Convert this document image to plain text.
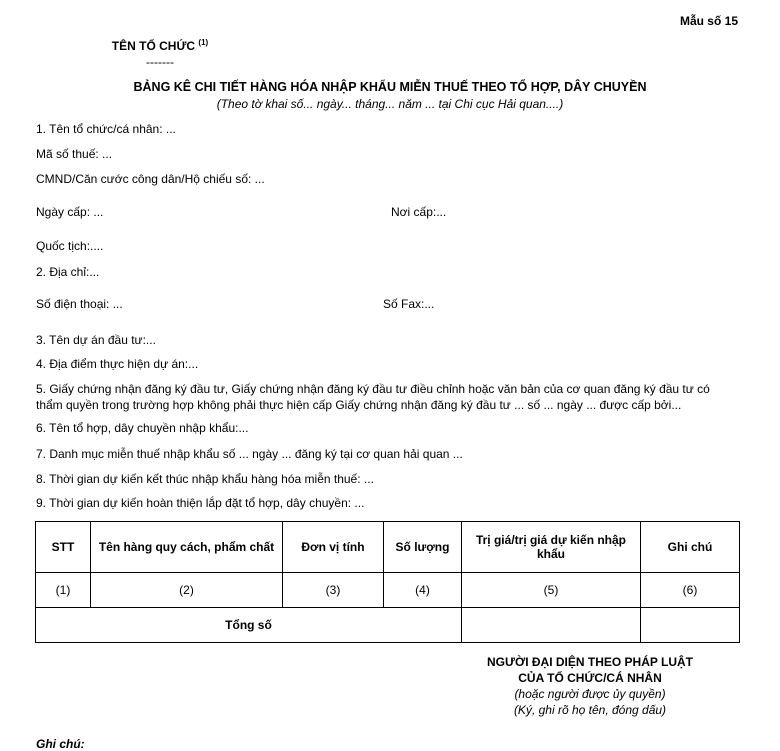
Mẫu số 15
TÊN TỔ CHỨC $^{(1)}$
-------
BẢNG KÊ CHI TIẾT HÀNG HÓA NHẬP KHẨU MIỄN THUẾ THEO TỔ HỢP, DÂY CHUYỀN
(Theo tờ khai số... ngày... tháng... năm ... tại Chi cục Hải quan....)
1. Tên tổ chức/cá nhân: ...
Mã số thuế: ...
CMND/Căn cước công dân/Hộ chiếu số: ...
Ngày cấp: ...	Nơi cấp:...
Quốc tịch:....
2. Địa chỉ:...
Số điện thoại: ...	Số Fax:...
3. Tên dự án đầu tư:...
4. Địa điểm thực hiện dự án:...
5. Giấy chứng nhận đăng ký đầu tư, Giấy chứng nhận đăng ký đầu tư điều chỉnh hoặc văn bản của cơ quan đăng ký đầu tư có thẩm quyền trong trường hợp không phải thực hiện cấp Giấy chứng nhận đăng ký đầu tư ... số ... ngày ... được cấp bởi...
6. Tên tổ hợp, dây chuyền nhập khẩu:...
7. Danh mục miễn thuế nhập khẩu số ... ngày ... đăng ký tại cơ quan hải quan ...
8. Thời gian dự kiến kết thúc nhập khẩu hàng hóa miễn thuế: ...
9. Thời gian dự kiến hoàn thiện lắp đặt tổ hợp, dây chuyền: ...
STT	Tên hàng quy cách, phẩm chất	Đơn vị tính	Số lượng	Trị giá/trị giá dự kiến nhập khẩu	Ghi chú
(1)	(2)	(3)	(4)	(5)	(6)
Tổng số					
NGƯỜI ĐẠI DIỆN THEO PHÁP LUẬT
CỦA TỔ CHỨC/CÁ NHÂN
(hoặc người được ủy quyền)
(Ký, ghi rõ họ tên, đóng dấu)
Ghi chú:
